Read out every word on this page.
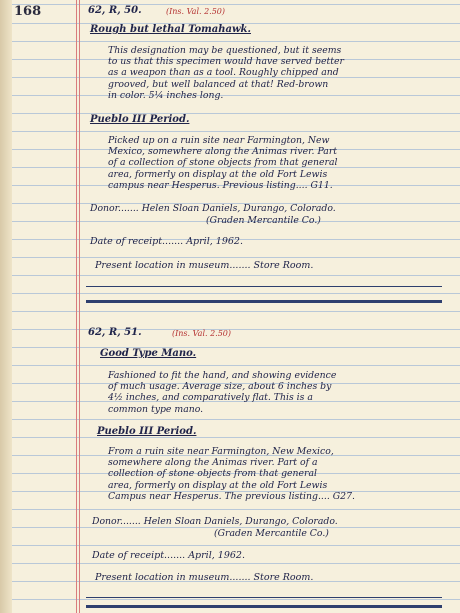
168	62, R, 50.	(Ins. Val. 2.50)
Rough but lethal Tomahawk.
This designation may be questioned, but it seems
to us that this specimen would have served better
as a weapon than as a tool. Roughly chipped and
grooved, but well balanced at that! Red-brown
in color. 5¼ inches long.
Pueblo III Period.
Picked up on a ruin site near Farmington, New
Mexico, somewhere along the Animas river. Part
of a collection of stone objects from that general
area, formerly on display at the old Fort Lewis
campus near Hesperus. Previous listing.... G11.
Donor....... Helen Sloan Daniels, Durango, Colorado.
(Graden Mercantile Co.)
Date of receipt....... April, 1962.
Present location in museum....... Store Room.
62, R, 51.	(Ins. Val. 2.50)
Good Type Mano.
Fashioned to fit the hand, and showing evidence
of much usage. Average size, about 6 inches by
4½ inches, and comparatively flat. This is a
common type mano.
Pueblo III Period.
From a ruin site near Farmington, New Mexico,
somewhere along the Animas river. Part of a
collection of stone objects from that general
area, formerly on display at the old Fort Lewis
Campus near Hesperus. The previous listing.... G27.
Donor....... Helen Sloan Daniels, Durango, Colorado.
(Graden Mercantile Co.)
Date of receipt....... April, 1962.
Present location in museum....... Store Room.
